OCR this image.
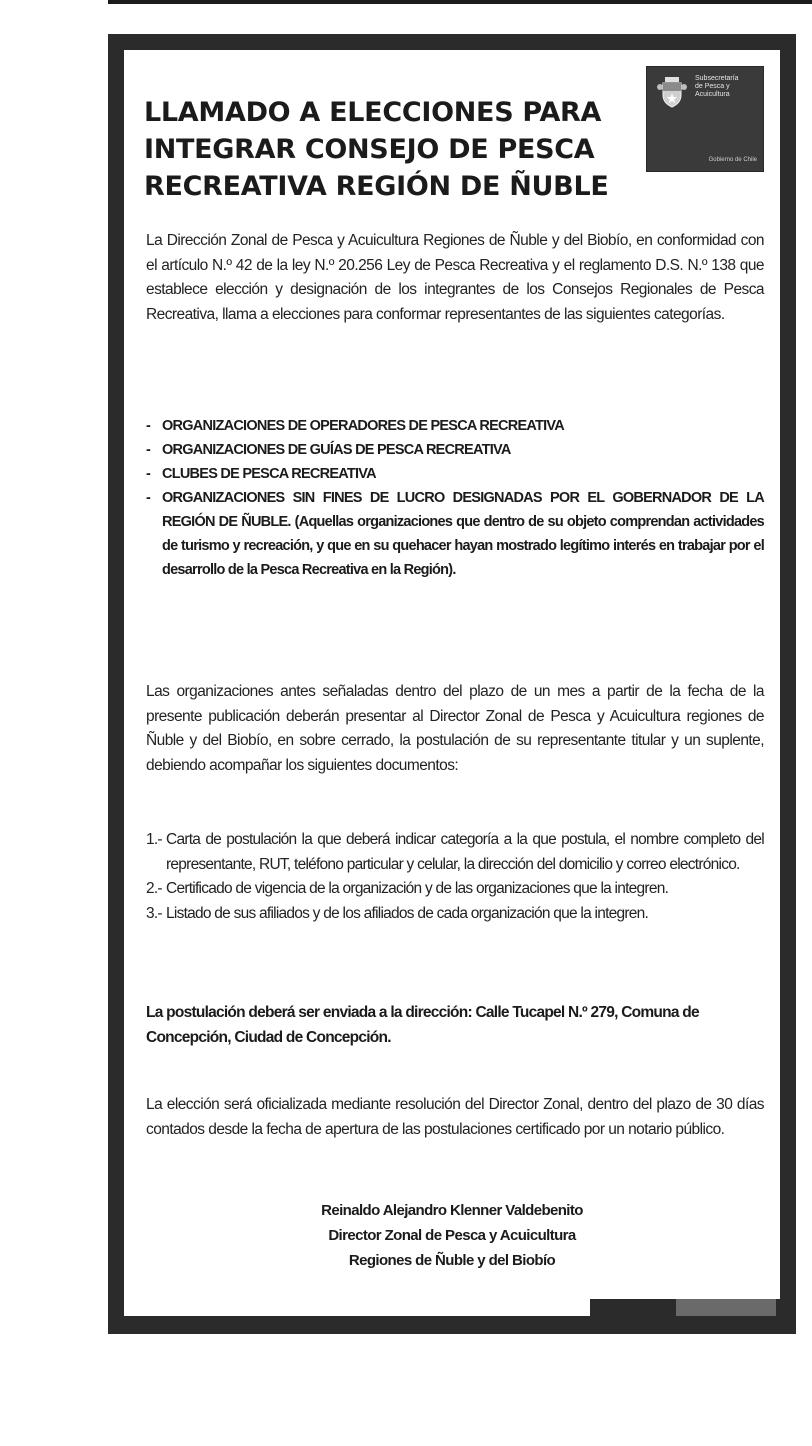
LLAMADO A ELECCIONES PARA
INTEGRAR CONSEJO DE PESCA
RECREATIVA REGIÓN DE ÑUBLE
Subsecretaría
de Pesca y
Acuicultura
Gobierno de Chile

La Dirección Zonal de Pesca y Acuicultura Regiones de Ñuble y del Biobío, en conformidad con el artículo N.º 42 de la ley N.º 20.256 Ley de Pesca Recreativa y el reglamento D.S. N.º 138 que establece elección y designación de los integrantes de los Consejos Regionales de Pesca Recreativa, llama a elecciones para conformar representantes de las siguientes categorías.

- ORGANIZACIONES DE OPERADORES DE PESCA RECREATIVA
- ORGANIZACIONES DE GUÍAS DE PESCA RECREATIVA
- CLUBES DE PESCA RECREATIVA
- ORGANIZACIONES SIN FINES DE LUCRO DESIGNADAS POR EL GOBERNADOR DE LA REGIÓN DE ÑUBLE. (Aquellas organizaciones que dentro de su objeto comprendan actividades de turismo y recreación, y que en su quehacer hayan mostrado legítimo interés en trabajar por el desarrollo de la Pesca Recreativa en la Región).

Las organizaciones antes señaladas dentro del plazo de un mes a partir de la fecha de la presente publicación deberán presentar al Director Zonal de Pesca y Acuicultura regiones de Ñuble y del Biobío, en sobre cerrado, la postulación de su representante titular y un suplente, debiendo acompañar los siguientes documentos:

1.- Carta de postulación la que deberá indicar categoría a la que postula, el nombre completo del representante, RUT, teléfono particular y celular, la dirección del domicilio y correo electrónico.
2.- Certificado de vigencia de la organización y de las organizaciones que la integren.
3.- Listado de sus afiliados y de los afiliados de cada organización que la integren.

La postulación deberá ser enviada a la dirección: Calle Tucapel N.º 279, Comuna de Concepción, Ciudad de Concepción.

La elección será oficializada mediante resolución del Director Zonal, dentro del plazo de 30 días contados desde la fecha de apertura de las postulaciones certificado por un notario público.

Reinaldo Alejandro Klenner Valdebenito
Director Zonal de Pesca y Acuicultura
Regiones de Ñuble y del Biobío
